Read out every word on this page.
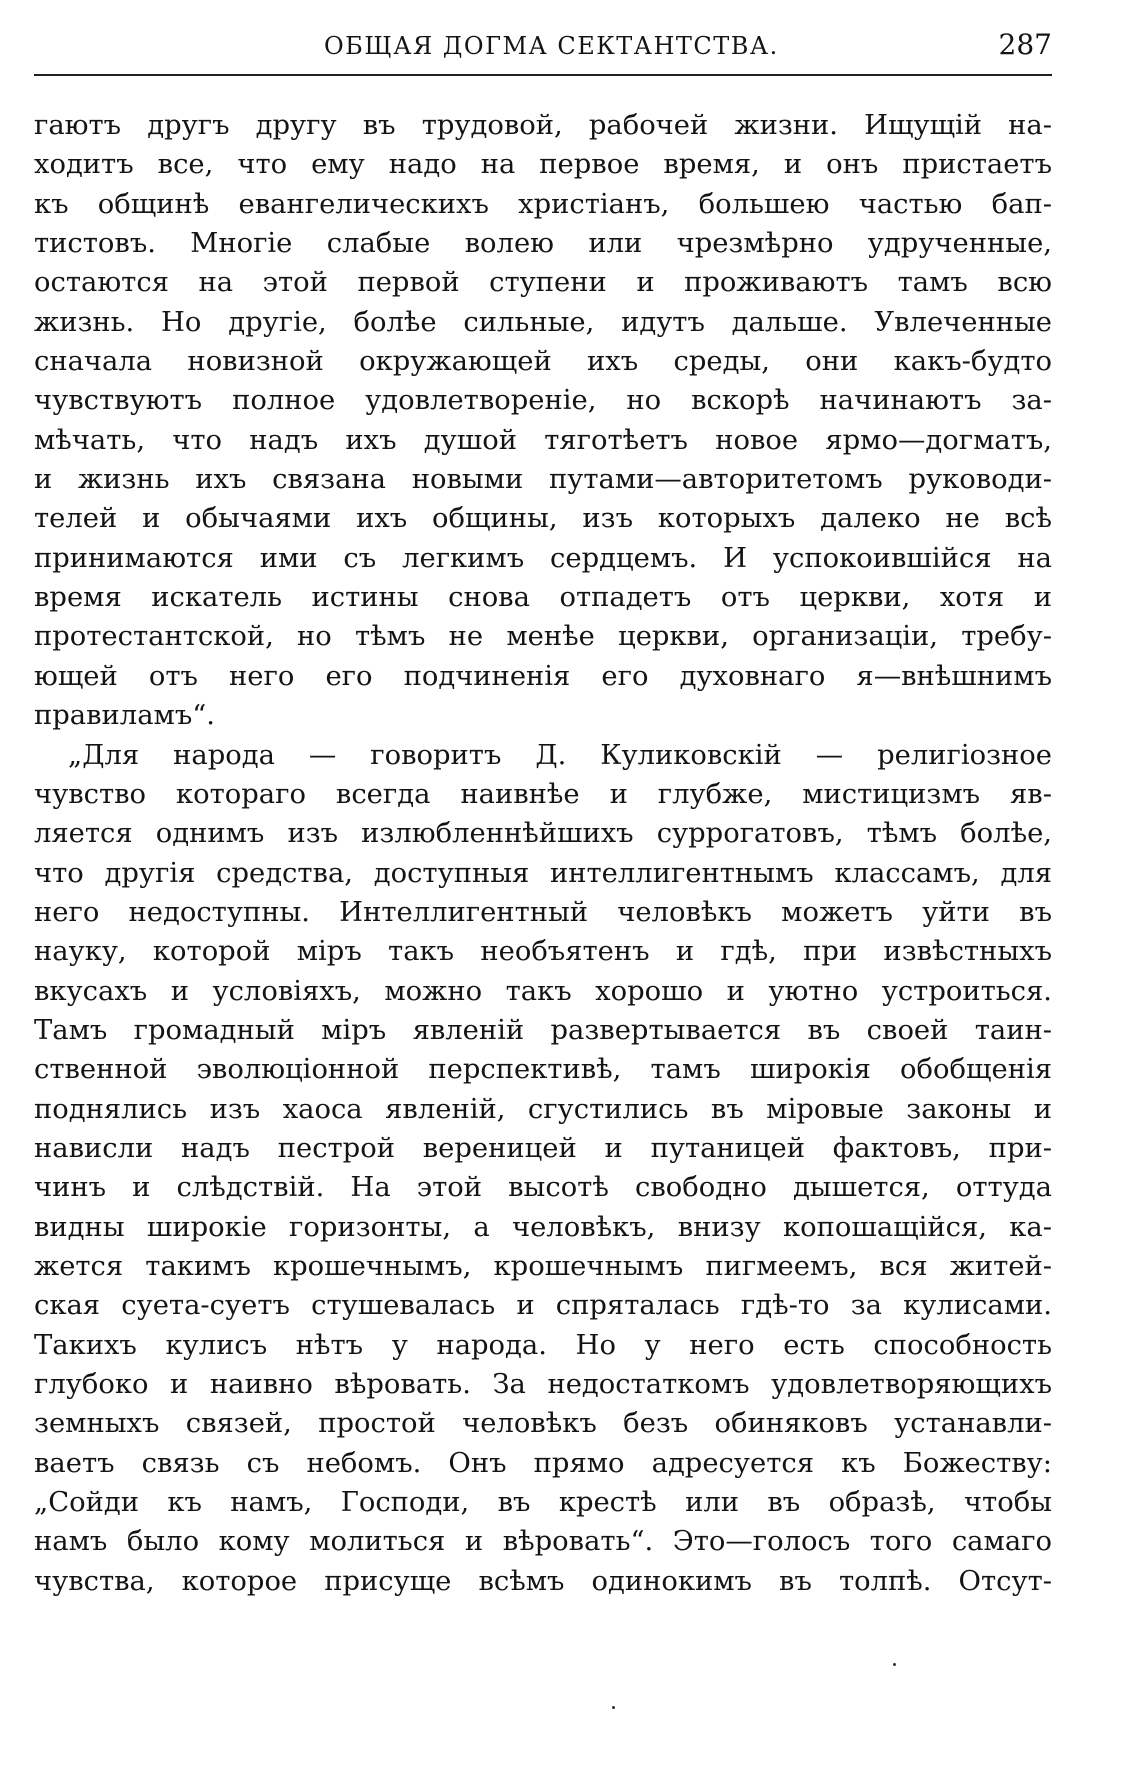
ОБЩАЯ ДОГМА СЕКТАНТСТВА.	287
гаютъ другъ другу въ трудовой, рабочей жизни. Ищущій на-
ходитъ все, что ему надо на первое время, и онъ пристаетъ
къ общинѣ евангелическихъ христіанъ, большею частью бап-
тистовъ. Многіе слабые волею или чрезмѣрно удрученные,
остаются на этой первой ступени и проживаютъ тамъ всю
жизнь. Но другіе, болѣе сильные, идутъ дальше. Увлеченные
сначала новизной окружающей ихъ среды, они какъ-будто
чувствуютъ полное удовлетвореніе, но вскорѣ начинаютъ за-
мѣчать, что надъ ихъ душой тяготѣетъ новое ярмо—догматъ,
и жизнь ихъ связана новыми путами—авторитетомъ руководи-
телей и обычаями ихъ общины, изъ которыхъ далеко не всѣ
принимаются ими съ легкимъ сердцемъ. И успокоившійся на
время искатель истины снова отпадетъ отъ церкви, хотя и
протестантской, но тѣмъ не менѣе церкви, организаціи, требу-
ющей отъ него его подчиненія его духовнаго я—внѣшнимъ
правиламъ“.
„Для народа — говоритъ Д. Куликовскій — религіозное
чувство котораго всегда наивнѣе и глубже, мистицизмъ яв-
ляется однимъ изъ излюбленнѣйшихъ суррогатовъ, тѣмъ болѣе,
что другія средства, доступныя интеллигентнымъ классамъ, для
него недоступны. Интеллигентный человѣкъ можетъ уйти въ
науку, которой міръ такъ необъятенъ и гдѣ, при извѣстныхъ
вкусахъ и условіяхъ, можно такъ хорошо и уютно устроиться.
Тамъ громадный міръ явленій развертывается въ своей таин-
ственной эволюціонной перспективѣ, тамъ широкія обобщенія
поднялись изъ хаоса явленій, сгустились въ міровые законы и
нависли надъ пестрой вереницей и путаницей фактовъ, при-
чинъ и слѣдствій. На этой высотѣ свободно дышется, оттуда
видны широкіе горизонты, а человѣкъ, внизу копошащійся, ка-
жется такимъ крошечнымъ, крошечнымъ пигмеемъ, вся житей-
ская суета-суетъ стушевалась и спряталась гдѣ-то за кулисами.
Такихъ кулисъ нѣтъ у народа. Но у него есть способность
глубоко и наивно вѣровать. За недостаткомъ удовлетворяющихъ
земныхъ связей, простой человѣкъ безъ обиняковъ устанавли-
ваетъ связь съ небомъ. Онъ прямо адресуется къ Божеству:
„Сойди къ намъ, Господи, въ крестѣ или въ образѣ, чтобы
намъ было кому молиться и вѣровать“. Это—голосъ того самаго
чувства, которое присуще всѣмъ одинокимъ въ толпѣ. Отсут-
